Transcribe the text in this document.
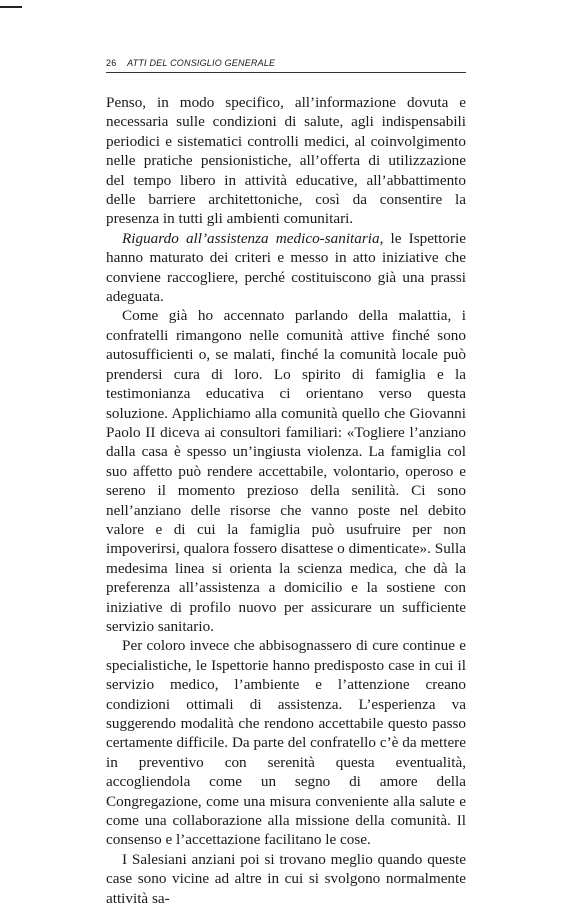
26 ATTI DEL CONSIGLIO GENERALE

Penso, in modo specifico, all’informazione dovuta e necessaria sulle condizioni di salute, agli indispensabili periodici e sistematici controlli medici, al coinvolgimento nelle pratiche pensionistiche, all’offerta di utilizzazione del tempo libero in attività educative, all’abbattimento delle barriere architettoniche, così da consentire la presenza in tutti gli ambienti comunitari.

Riguardo all’assistenza medico-sanitaria, le Ispettorie hanno maturato dei criteri e messo in atto iniziative che conviene raccogliere, perché costituiscono già una prassi adeguata.

Come già ho accennato parlando della malattia, i confratelli rimangono nelle comunità attive finché sono autosufficienti o, se malati, finché la comunità locale può prendersi cura di loro. Lo spirito di famiglia e la testimonianza educativa ci orientano verso questa soluzione. Applichiamo alla comunità quello che Giovanni Paolo II diceva ai consultori familiari: «Togliere l’anziano dalla casa è spesso un’ingiusta violenza. La famiglia col suo affetto può rendere accettabile, volontario, operoso e sereno il momento prezioso della senilità. Ci sono nell’anziano delle risorse che vanno poste nel debito valore e di cui la famiglia può usufruire per non impoverirsi, qualora fossero disattese o dimenticate». Sulla medesima linea si orienta la scienza medica, che dà la preferenza all’assistenza a domicilio e la sostiene con iniziative di profilo nuovo per assicurare un sufficiente servizio sanitario.

Per coloro invece che abbisognassero di cure continue e specialistiche, le Ispettorie hanno predisposto case in cui il servizio medico, l’ambiente e l’attenzione creano condizioni ottimali di assistenza. L’esperienza va suggerendo modalità che rendono accettabile questo passo certamente difficile. Da parte del confratello c’è da mettere in preventivo con serenità questa eventualità, accogliendola come un segno di amore della Congregazione, come una misura conveniente alla salute e come una collaborazione alla missione della comunità. Il consenso e l’accettazione facilitano le cose.

I Salesiani anziani poi si trovano meglio quando queste case sono vicine ad altre in cui si svolgono normalmente attività sa-
